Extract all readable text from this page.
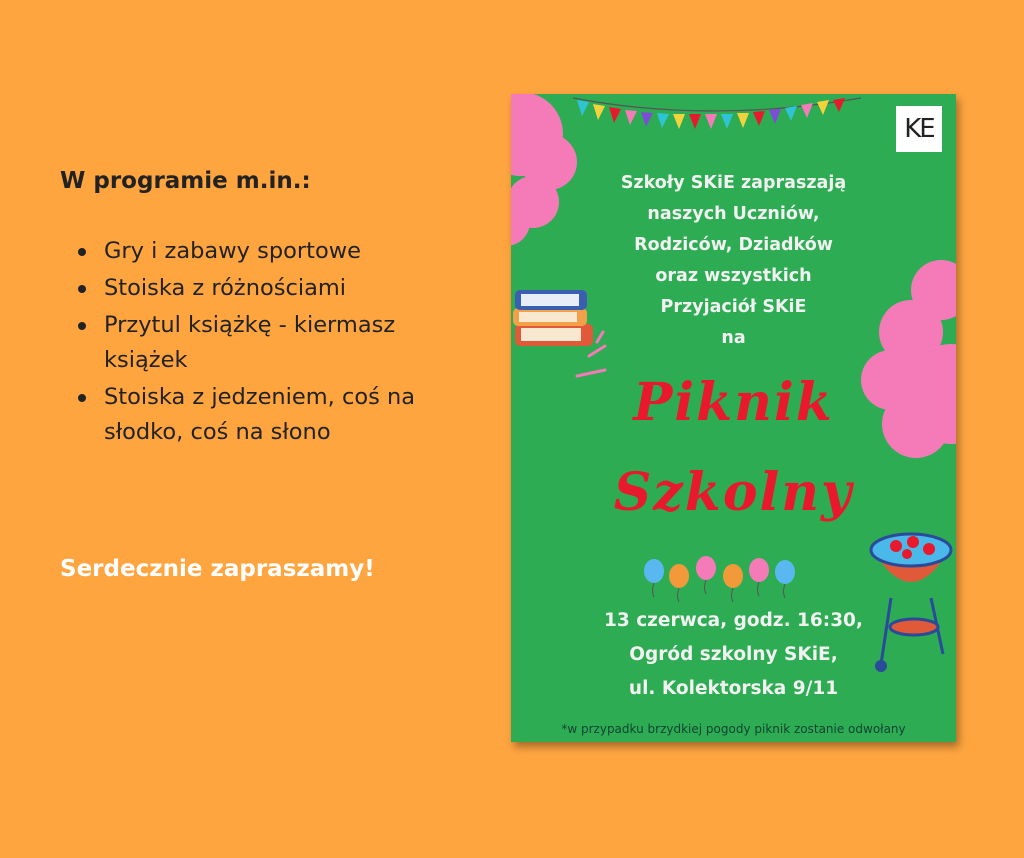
W programie m.in.:
Gry i zabawy sportowe
Stoiska z różnościami
Przytul książkę - kiermasz książek
Stoiska z jedzeniem, coś na słodko, coś na słono
Serdecznie zapraszamy!
KE
Szkoły SKiE zapraszają
naszych Uczniów,
Rodziców, Dziadków
oraz wszystkich
Przyjaciół SKiE
na
Piknik
Szkolny
13 czerwca, godz. 16:30,
Ogród szkolny SKiE,
ul. Kolektorska 9/11
*w przypadku brzydkiej pogody piknik zostanie odwołany
